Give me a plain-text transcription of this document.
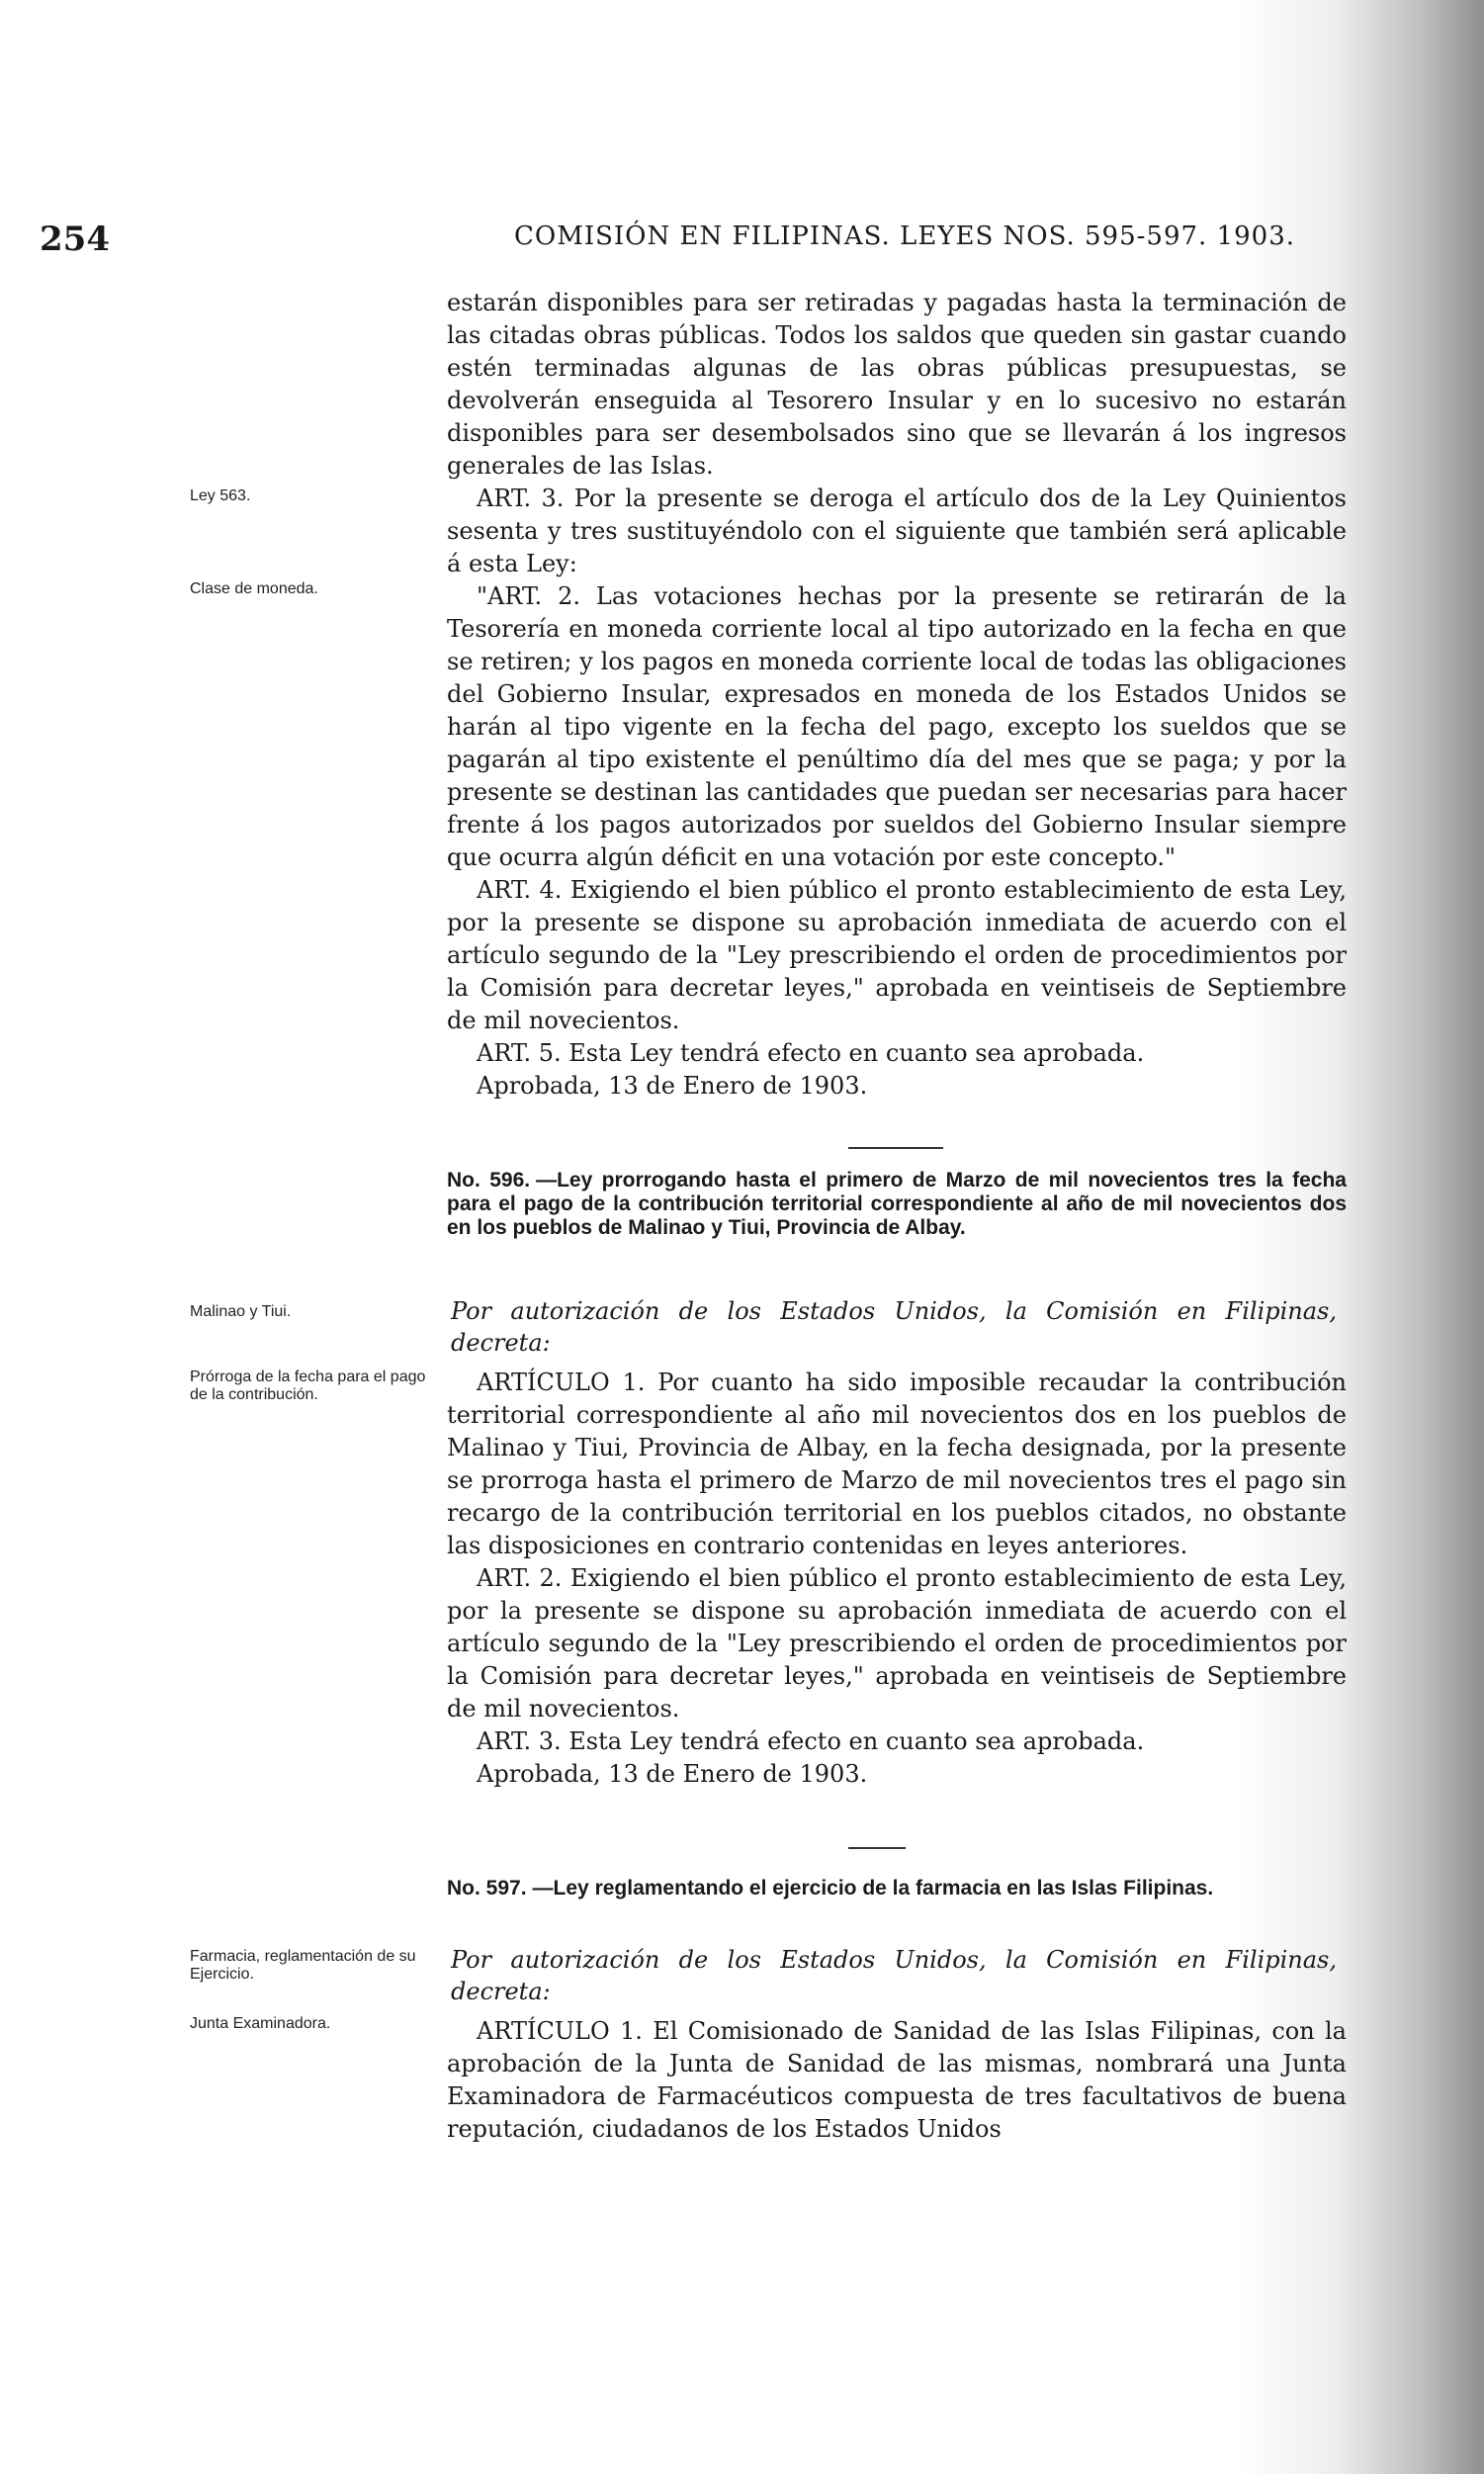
254	COMISIÓN EN FILIPINAS. LEYES NOS. 595-597. 1903.
Ley 563.
Clase de moneda.
Malinao y Tiui.
Prórroga de la fecha para el pago de la contribución.
Farmacia, reglamentación de su Ejercicio.
Junta Examinadora.

estarán disponibles para ser retiradas y pagadas hasta la terminación de las citadas obras públicas. Todos los saldos que queden sin gastar cuando estén terminadas algunas de las obras públicas presupuestas, se devolverán enseguida al Tesorero Insular y en lo sucesivo no estarán disponibles para ser desembolsados sino que se llevarán á los ingresos generales de las Islas.

ART. 3. Por la presente se deroga el artículo dos de la Ley Quinientos sesenta y tres sustituyéndolo con el siguiente que también será aplicable á esta Ley:

"ART. 2. Las votaciones hechas por la presente se retirarán de la Tesorería en moneda corriente local al tipo autorizado en la fecha en que se retiren; y los pagos en moneda corriente local de todas las obligaciones del Gobierno Insular, expresados en moneda de los Estados Unidos se harán al tipo vigente en la fecha del pago, excepto los sueldos que se pagarán al tipo existente el penúltimo día del mes que se paga; y por la presente se destinan las cantidades que puedan ser necesarias para hacer frente á los pagos autorizados por sueldos del Gobierno Insular siempre que ocurra algún déficit en una votación por este concepto."

ART. 4. Exigiendo el bien público el pronto establecimiento de esta Ley, por la presente se dispone su aprobación inmediata de acuerdo con el artículo segundo de la "Ley prescribiendo el orden de procedimientos por la Comisión para decretar leyes," aprobada en veintiseis de Septiembre de mil novecientos.

ART. 5. Esta Ley tendrá efecto en cuanto sea aprobada.

Aprobada, 13 de Enero de 1903.

No. 596. —Ley prorrogando hasta el primero de Marzo de mil novecientos tres la fecha para el pago de la contribución territorial correspondiente al año de mil novecientos dos en los pueblos de Malinao y Tiui, Provincia de Albay.

Por autorización de los Estados Unidos, la Comisión en Filipinas, decreta:

ARTÍCULO 1. Por cuanto ha sido imposible recaudar la contribución territorial correspondiente al año mil novecientos dos en los pueblos de Malinao y Tiui, Provincia de Albay, en la fecha designada, por la presente se prorroga hasta el primero de Marzo de mil novecientos tres el pago sin recargo de la contribución territorial en los pueblos citados, no obstante las disposiciones en contrario contenidas en leyes anteriores.

ART. 2. Exigiendo el bien público el pronto establecimiento de esta Ley, por la presente se dispone su aprobación inmediata de acuerdo con el artículo segundo de la "Ley prescribiendo el orden de procedimientos por la Comisión para decretar leyes," aprobada en veintiseis de Septiembre de mil novecientos.

ART. 3. Esta Ley tendrá efecto en cuanto sea aprobada.

Aprobada, 13 de Enero de 1903.

No. 597. —Ley reglamentando el ejercicio de la farmacia en las Islas Filipinas.

Por autorización de los Estados Unidos, la Comisión en Filipinas, decreta:

ARTÍCULO 1. El Comisionado de Sanidad de las Islas Filipinas, con la aprobación de la Junta de Sanidad de las mismas, nombrará una Junta Examinadora de Farmacéuticos compuesta de tres facultativos de buena reputación, ciudadanos de los Estados Unidos
